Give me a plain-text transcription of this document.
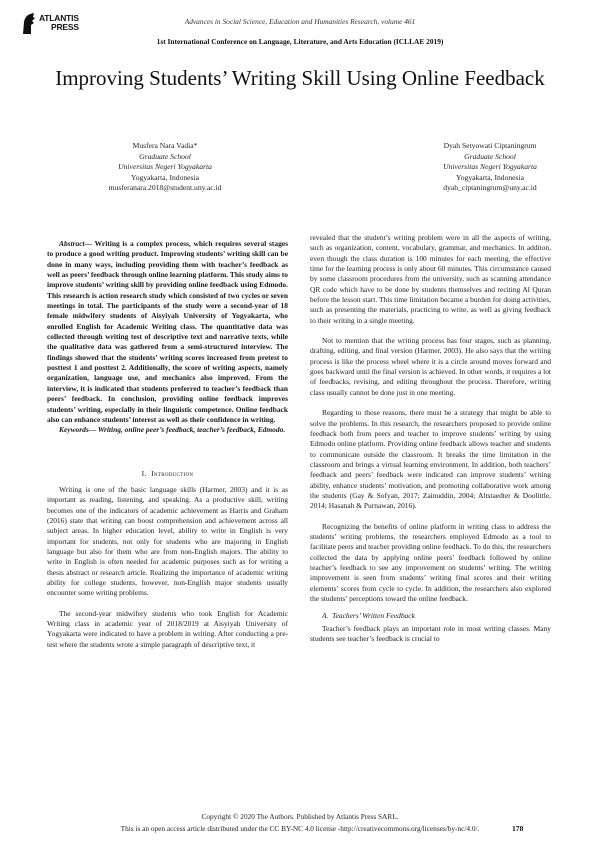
ATLANTIS
PRESS
Advances in Social Science, Education and Humanities Research, volume 461
1st International Conference on Language, Literature, and Arts Education (ICLLAE 2019)
Improving Students’ Writing Skill Using Online Feedback
Musfera Nara Vadia*
Graduate School
Universitas Negeri Yogyakarta
Yogyakarta, Indonesia
musferanara.2018@student.uny.ac.id
Dyah Setyowati Ciptaningrum
Graduate School
Universitas Negeri Yogyakarta
Yogyakarta, Indonesia
dyah_ciptaningrum@uny.ac.id

Abstract— Writing is a complex process, which requires several stages to produce a good writing product. Improving students’ writing skill can be done in many ways, including providing them with teacher’s feedback as well as peers’ feedback through online learning platform. This study aims to improve students’ writing skill by providing online feedback using Edmodo. This research is action research study which consisted of two cycles or seven meetings in total. The participants of the study were a second-year of 18 female midwifery students of Aisyiyah University of Yogyakarta, who enrolled English for Academic Writing class. The quantitative data was collected through writing test of descriptive text and narrative texts, while the qualitative data was gathered from a semi-structured interview. The findings showed that the students’ writing scores increased from pretest to posttest 1 and posttest 2. Additionally, the score of writing aspects, namely organization, language use, and mechanics also improved. From the interview, it is indicated that students preferred to teacher’s feedback than peers’ feedback. In conclusion, providing online feedback improves students’ writing, especially in their linguistic competence. Online feedback also can enhance students’ interest as well as their confidence in writing.

Keywords— Writing, online peer’s feedback, teacher’s feedback, Edmodo.

I. Introduction

Writing is one of the basic language skills (Harmer, 2003) and it is as important as reading, listening, and speaking. As a productive skill, writing becomes one of the indicators of academic achievement as Harris and Graham (2016) state that writing can boost comprehension and achievement across all subject areas. In higher education level, ability to write in English is very important for students, not only for students who are majoring in English language but also for them who are from non-English majors. The ability to write in English is often needed for academic purposes such as for writing a thesis abstract or research article. Realizing the importance of academic writing ability for college students, however, non-English major students usually encounter some writing problems.

The second-year midwifery students who took English for Academic Writing class in academic year of 2018/2019 at Aisyiyah University of Yogyakarta were indicated to have a problem in writing. After conducting a pre-test where the students wrote a simple paragraph of descriptive text, it

revealed that the student’s writing problem were in all the aspects of writing, such as organization, content, vocabulary, grammar, and mechanics. In additon, even though the class duration is 100 minutes for each meeting, the effective time for the learning process is only about 60 minutes. This circumstance caused by some classroom procedures from the university, such as scanning attendance QR code which have to be done by students themselves and reciting Al Quran before the lesson start. This time limitation became a burden for doing activities, such as presenting the materials, practicing to write, as well as giving feedback to their writing in a single meeting.

Not to mention that the writing process has four stages, such as planning, drafting, editing, and final version (Harmer, 2003). He also says that the writing process is like the process wheel where it is a circle around moves forward and goes backward until the final version is achieved. In other words, it requires a lot of feedbacks, revising, and editing throughout the process. Therefore, writing class usually cannot be done just in one meeting.

Regarding to those reasons, there must be a strategy that might be able to solve the problems. In this research, the researchers proposed to provide online feedback both from peers and teacher to improve students’ writing by using Edmodo online platform. Providing online feedback allows teacher and students to communicate outside the classroom. It breaks the time limitation in the classroom and brings a virtual learning environment. In addition, both teachers’ feedback and peers’ feedback were indicated can improve students’ writing ability, enhance students’ motivation, and promoting collaborative work among the students (Gay & Sofyan, 2017; Zainuddin, 2004; Altstaedter & Doolittle, 2014; Hasanah & Purnawan, 2016).

Recognizing the benefits of online platform in writing class to address the students’ writing problems, the researchers employed Edmodo as a tool to facilitate peers and teacher providing online feedback. To do this, the researchers collected the data by applying online peers’ feedback followed by online teacher’s feedback to see any improvement on students’ writing. The writing improvement is seen from students’ writing final scores and their writing elements’ scores from cycle to cycle. In addition, the researchers also explored the students’ perceptions toward the online feedback.

A. Teachers’ Written Feedback

Teacher’s feedback plays an important role in most writing classes. Many students see teacher’s feedback is crucial to

Copyright © 2020 The Authors. Published by Atlantis Press SARL.
This is an open access article distributed under the CC BY-NC 4.0 license -http://creativecommons.org/licenses/by-nc/4.0/.	178
